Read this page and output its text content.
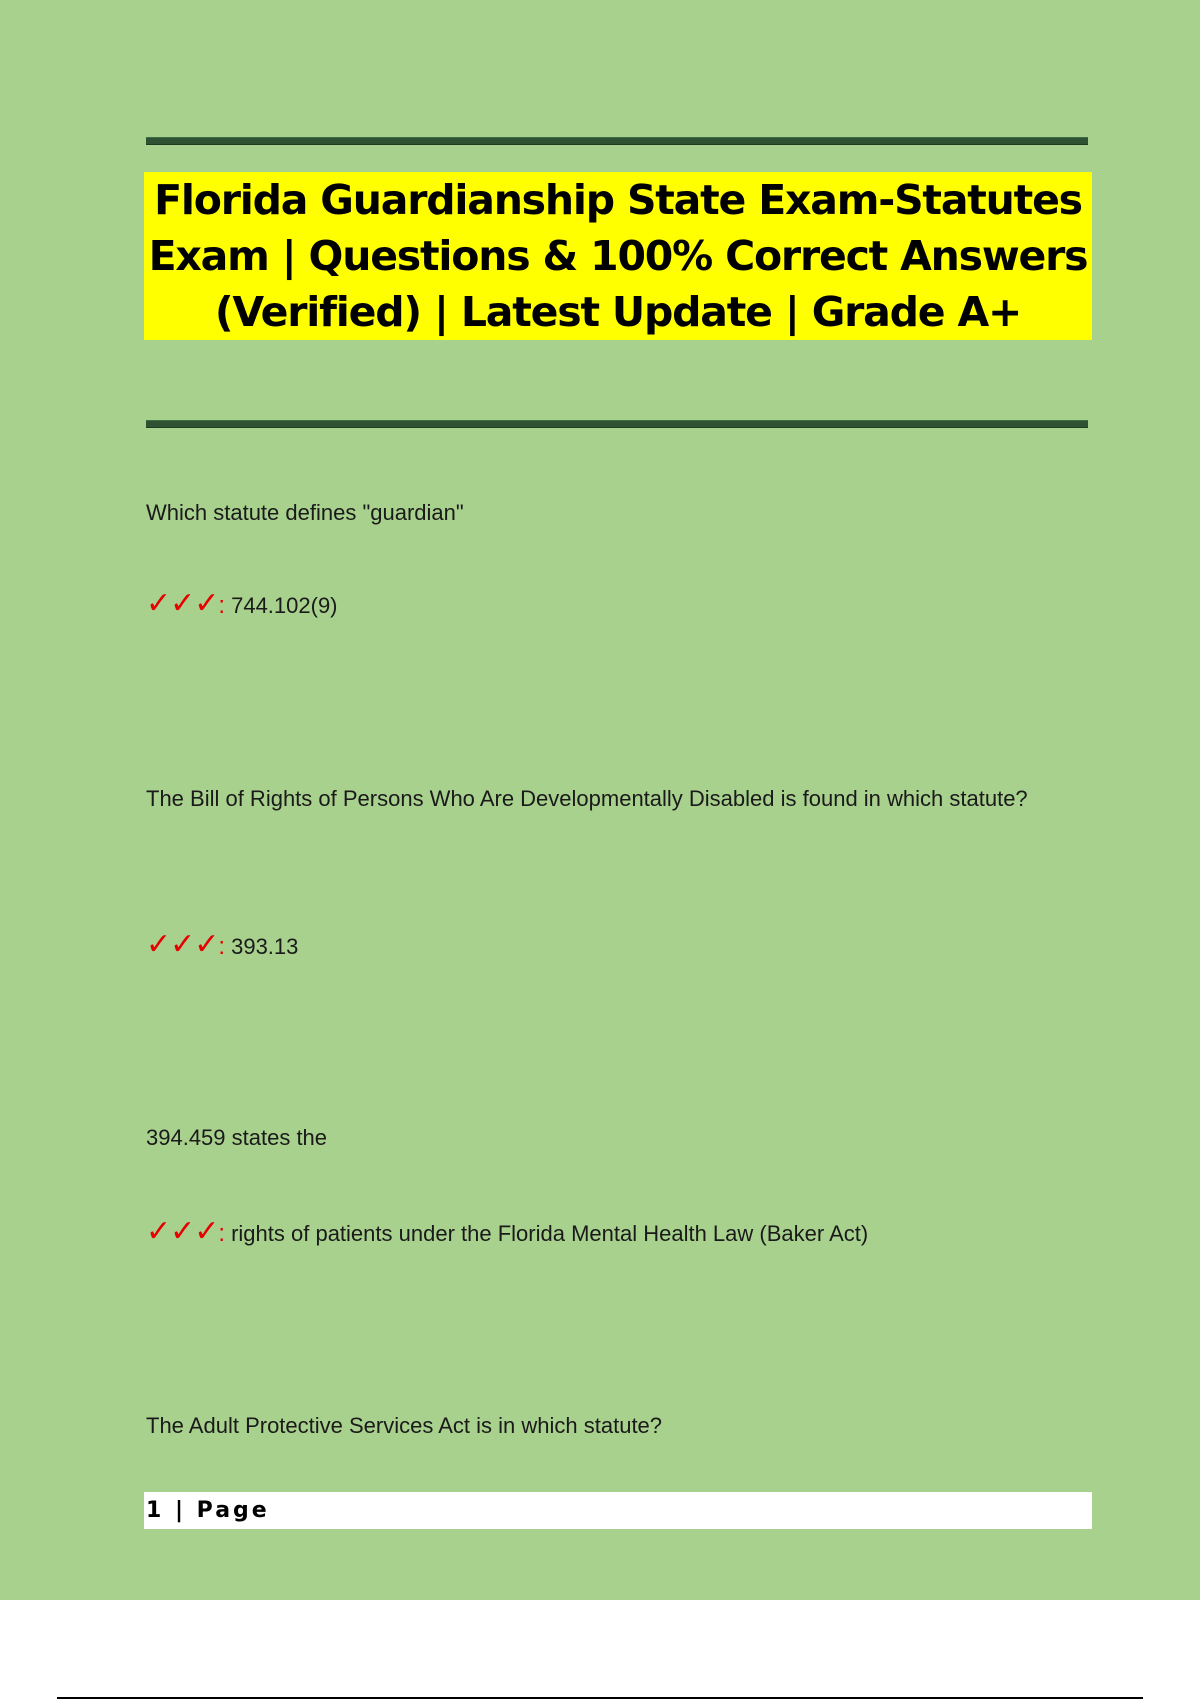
Florida Guardianship State Exam-Statutes Exam | Questions & 100% Correct Answers (Verified) | Latest Update | Grade A+

Which statute defines "guardian"

✓✓✓ : 744.102(9)

The Bill of Rights of Persons Who Are Developmentally Disabled is found in which statute?

✓✓✓ : 393.13

394.459 states the

✓✓✓ : rights of patients under the Florida Mental Health Law (Baker Act)

The Adult Protective Services Act is in which statute?

1 | Page
